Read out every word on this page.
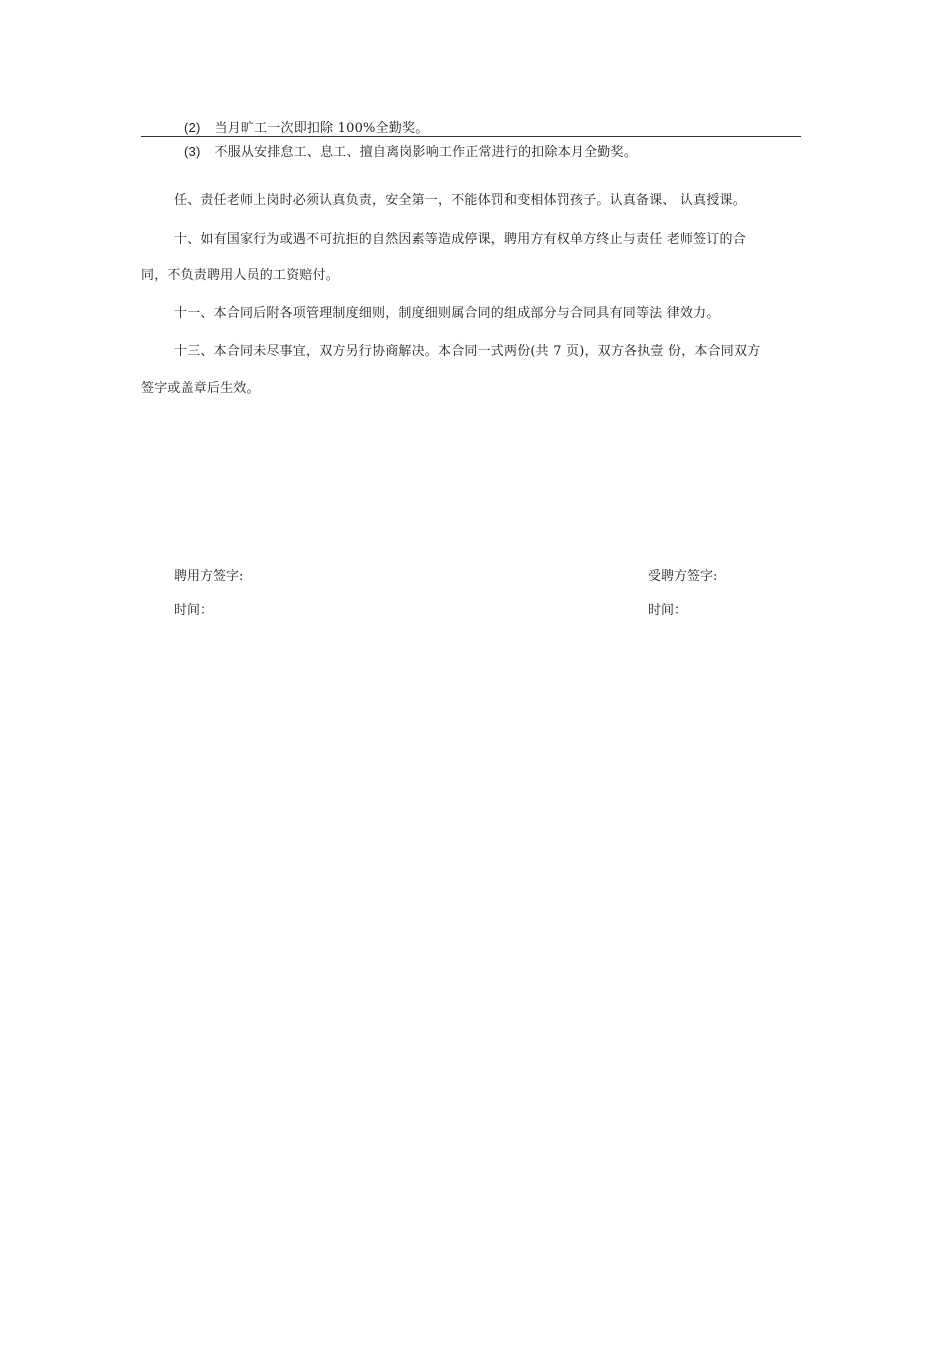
(2) 当月旷工一次即扣除 100%全勤奖。
(3) 不服从安排怠工、息工、擅自离岗影响工作正常进行的扣除本月全勤奖。
任、责任老师上岗时必须认真负责，安全第一，不能体罚和变相体罚孩子。认真备课、 认真授课。
十、如有国家行为或遇不可抗拒的自然因素等造成停课，聘用方有权单方终止与责任 老师签订的合
同，不负责聘用人员的工资赔付。
十一、本合同后附各项管理制度细则，制度细则属合同的组成部分与合同具有同等法 律效力。
十三、本合同未尽事宜，双方另行协商解决。本合同一式两份(共 7 页)，双方各执壹 份，本合同双方
签字或盖章后生效。
聘用方签字:
时间：
受聘方签字:
时间：
